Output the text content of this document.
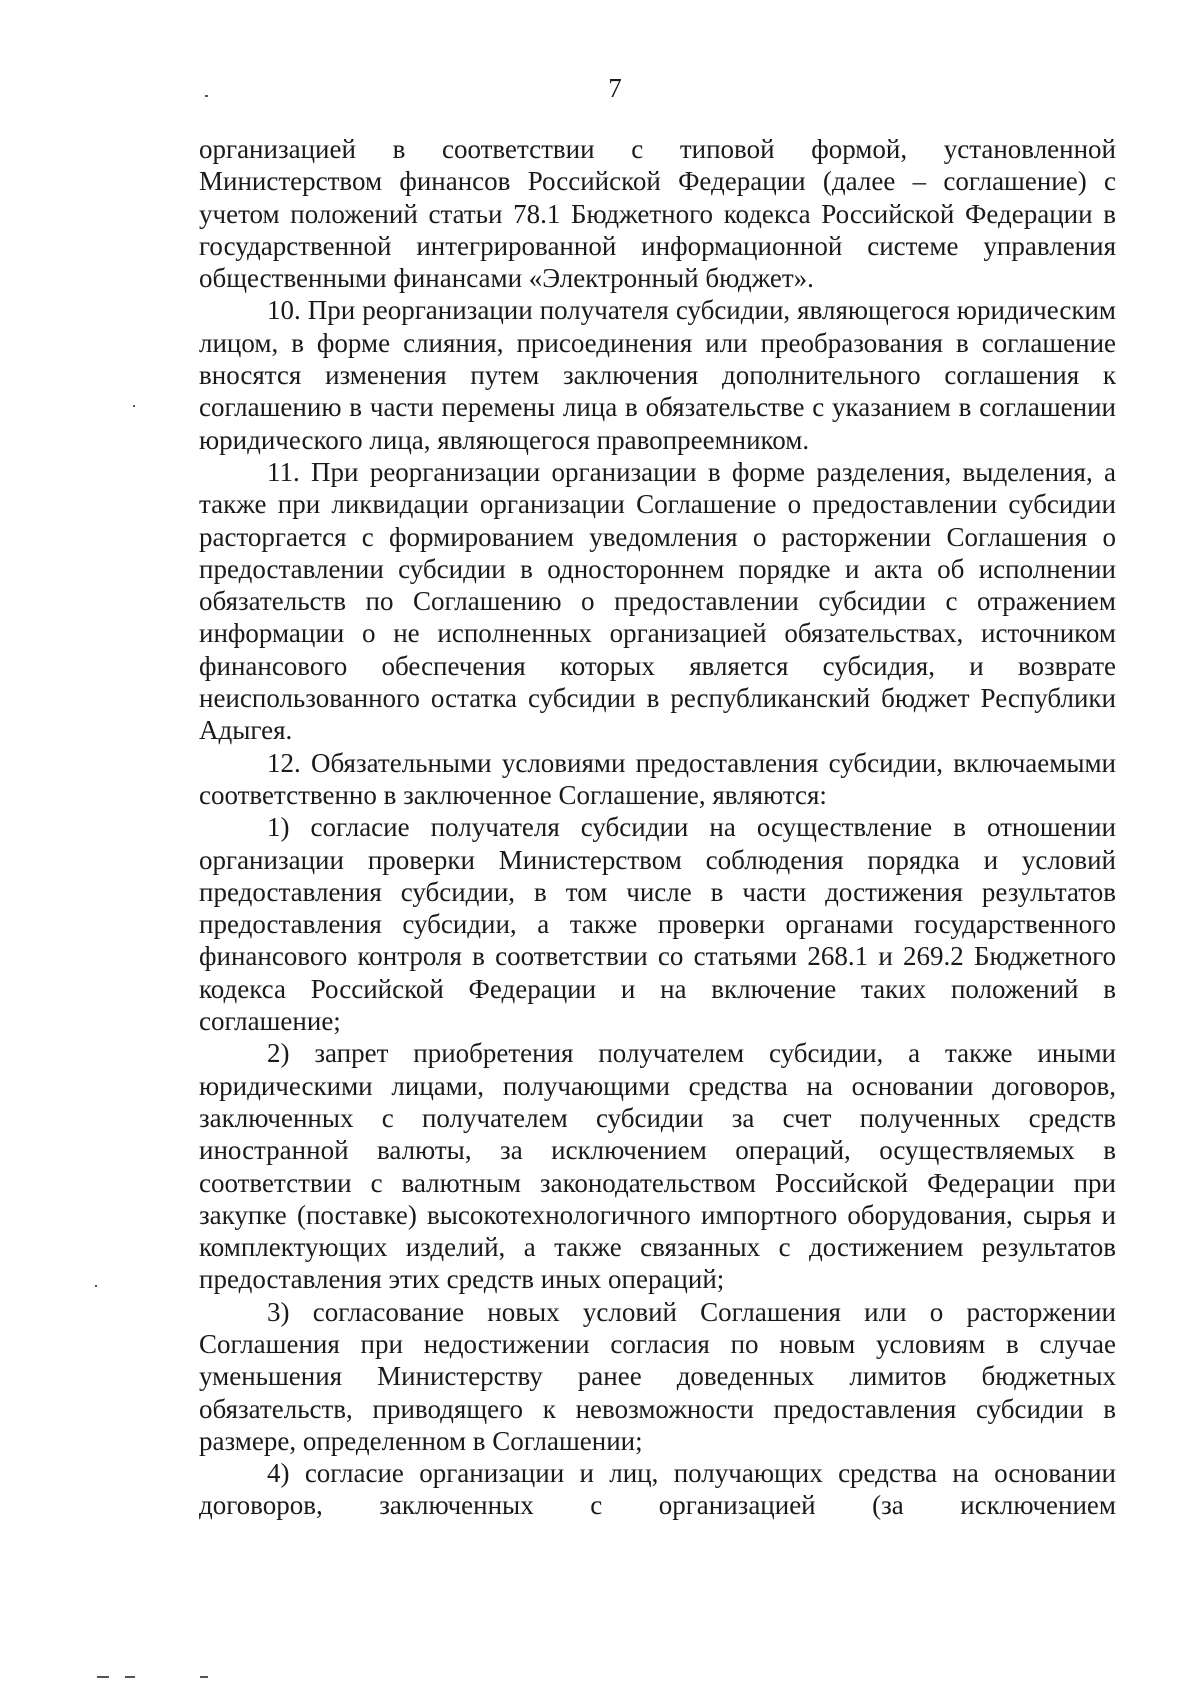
7

организацией в соответствии с типовой формой, установленной Министерством финансов Российской Федерации (далее – соглашение) с учетом положений статьи 78.1 Бюджетного кодекса Российской Федерации в государственной интегрированной информационной системе управления общественными финансами «Электронный бюджет».

10. При реорганизации получателя субсидии, являющегося юридическим лицом, в форме слияния, присоединения или преобразования в соглашение вносятся изменения путем заключения дополнительного соглашения к соглашению в части перемены лица в обязательстве с указанием в соглашении юридического лица, являющегося правопреемником.

11. При реорганизации организации в форме разделения, выделения, а также при ликвидации организации Соглашение о предоставлении субсидии расторгается с формированием уведомления о расторжении Соглашения о предоставлении субсидии в одностороннем порядке и акта об исполнении обязательств по Соглашению о предоставлении субсидии с отражением информации о не исполненных организацией обязательствах, источником финансового обеспечения которых является субсидия, и возврате неиспользованного остатка субсидии в республиканский бюджет Республики Адыгея.

12. Обязательными условиями предоставления субсидии, включаемыми соответственно в заключенное Соглашение, являются:

1) согласие получателя субсидии на осуществление в отношении организации проверки Министерством соблюдения порядка и условий предоставления субсидии, в том числе в части достижения результатов предоставления субсидии, а также проверки органами государственного финансового контроля в соответствии со статьями 268.1 и 269.2 Бюджетного кодекса Российской Федерации и на включение таких положений в соглашение;

2) запрет приобретения получателем субсидии, а также иными юридическими лицами, получающими средства на основании договоров, заключенных с получателем субсидии за счет полученных средств иностранной валюты, за исключением операций, осуществляемых в соответствии с валютным законодательством Российской Федерации при закупке (поставке) высокотехнологичного импортного оборудования, сырья и комплектующих изделий, а также связанных с достижением результатов предоставления этих средств иных операций;

3) согласование новых условий Соглашения или о расторжении Соглашения при недостижении согласия по новым условиям в случае уменьшения Министерству ранее доведенных лимитов бюджетных обязательств, приводящего к невозможности предоставления субсидии в размере, определенном в Соглашении;

4) согласие организации и лиц, получающих средства на основании договоров, заключенных с организацией (за исключением
